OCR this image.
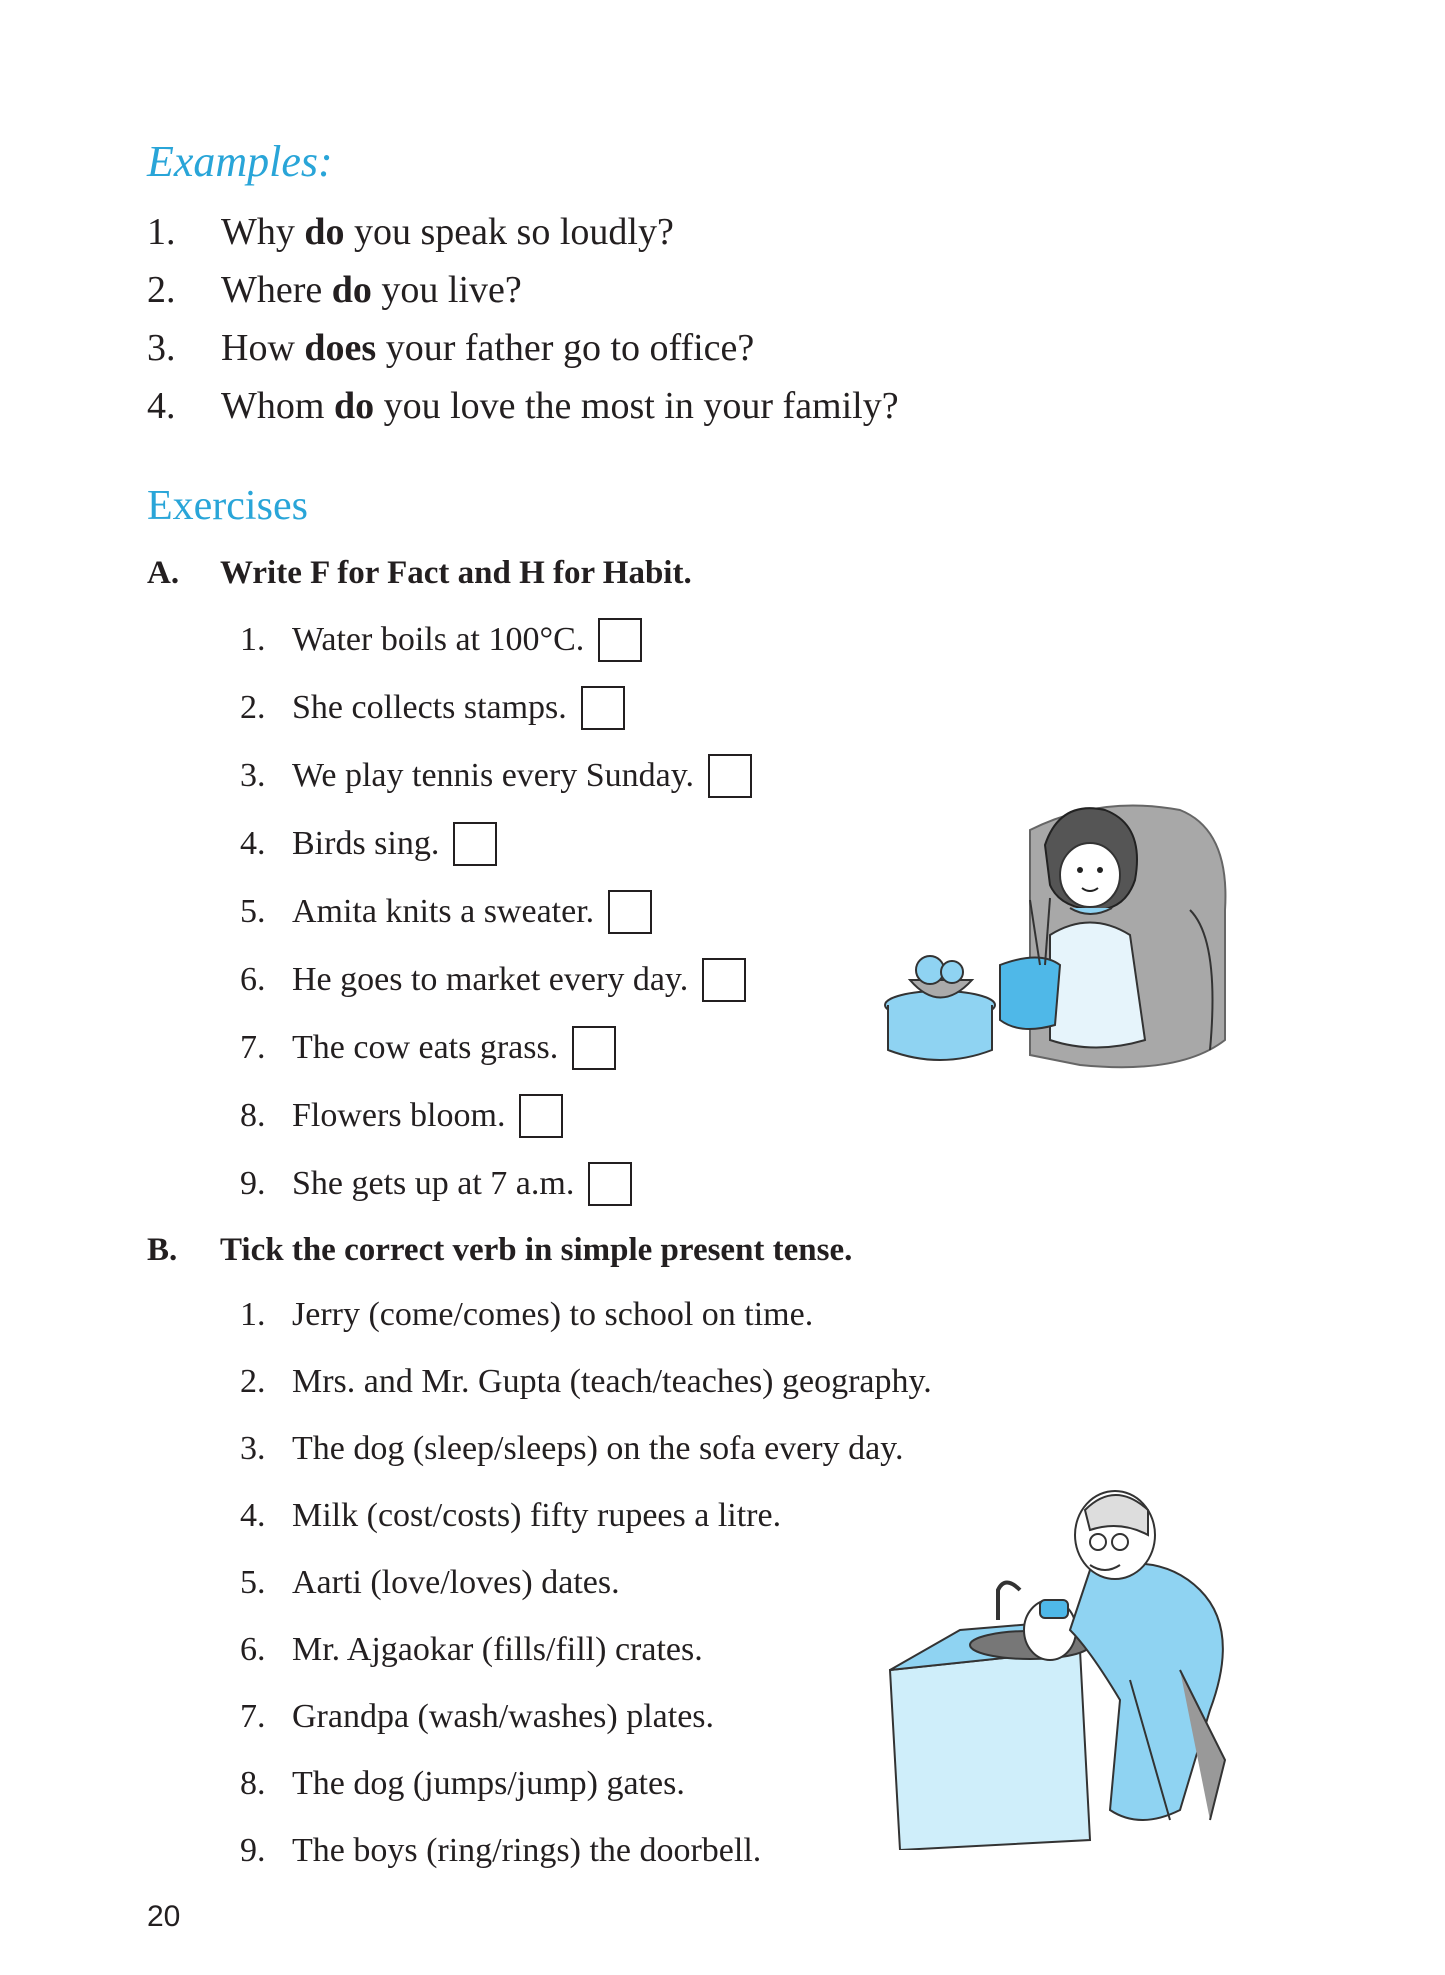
Examples:
1. Why do you speak so loudly?
2. Where do you live?
3. How does your father go to office?
4. Whom do you love the most in your family?
Exercises
A. Write F for Fact and H for Habit.
1. Water boils at 100°C.
2. She collects stamps.
3. We play tennis every Sunday.
4. Birds sing.
5. Amita knits a sweater.
6. He goes to market every day.
7. The cow eats grass.
8. Flowers bloom.
9. She gets up at 7 a.m.
B. Tick the correct verb in simple present tense.
1. Jerry (come/comes) to school on time.
2. Mrs. and Mr. Gupta (teach/teaches) geography.
3. The dog (sleep/sleeps) on the sofa every day.
4. Milk (cost/costs) fifty rupees a litre.
5. Aarti (love/loves) dates.
6. Mr. Ajgaokar (fills/fill) crates.
7. Grandpa (wash/washes) plates.
8. The dog (jumps/jump) gates.
9. The boys (ring/rings) the doorbell.
20
